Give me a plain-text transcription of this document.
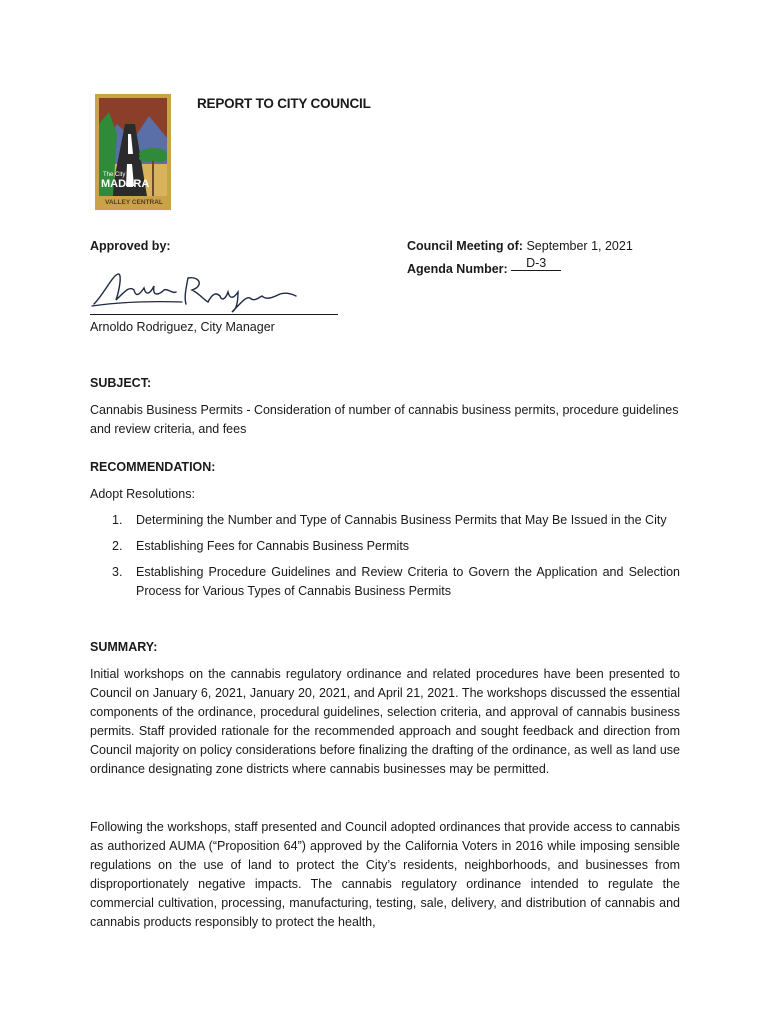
The City of
MADERA
VALLEY CENTRAL
REPORT TO CITY COUNCIL
Approved by:	Council Meeting of: September 1, 2021
Agenda Number: D-3
Arnoldo Rodriguez, City Manager
SUBJECT:
Cannabis Business Permits - Consideration of number of cannabis business permits, procedure guidelines and review criteria, and fees
RECOMMENDATION:
Adopt Resolutions:
1. Determining the Number and Type of Cannabis Business Permits that May Be Issued in the City
2. Establishing Fees for Cannabis Business Permits
3. Establishing Procedure Guidelines and Review Criteria to Govern the Application and Selection Process for Various Types of Cannabis Business Permits
SUMMARY:
Initial workshops on the cannabis regulatory ordinance and related procedures have been presented to Council on January 6, 2021, January 20, 2021, and April 21, 2021. The workshops discussed the essential components of the ordinance, procedural guidelines, selection criteria, and approval of cannabis business permits. Staff provided rationale for the recommended approach and sought feedback and direction from Council majority on policy considerations before finalizing the drafting of the ordinance, as well as land use ordinance designating zone districts where cannabis businesses may be permitted.
Following the workshops, staff presented and Council adopted ordinances that provide access to cannabis as authorized AUMA (“Proposition 64”) approved by the California Voters in 2016 while imposing sensible regulations on the use of land to protect the City’s residents, neighborhoods, and businesses from disproportionately negative impacts. The cannabis regulatory ordinance intended to regulate the commercial cultivation, processing, manufacturing, testing, sale, delivery, and distribution of cannabis and cannabis products responsibly to protect the health,
